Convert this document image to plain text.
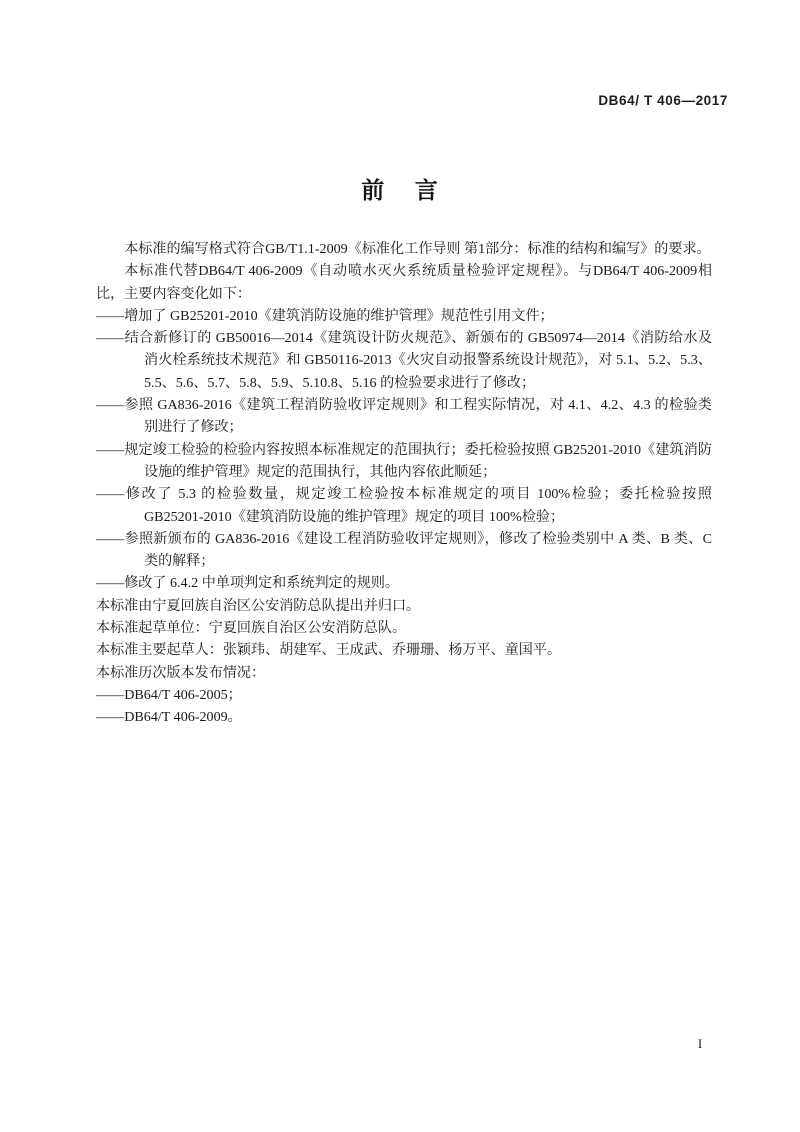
DB64/ T 406—2017
前    言

本标准的编写格式符合GB/T1.1-2009《标准化工作导则 第1部分：标准的结构和编写》的要求。

本标准代替DB64/T 406-2009《自动喷水灭火系统质量检验评定规程》。与DB64/T 406-2009相比，主要内容变化如下：

——增加了 GB25201-2010《建筑消防设施的维护管理》规范性引用文件；

——结合新修订的 GB50016—2014《建筑设计防火规范》、新颁布的 GB50974—2014《消防给水及消火栓系统技术规范》和 GB50116-2013《火灾自动报警系统设计规范》，对 5.1、5.2、5.3、5.5、5.6、5.7、5.8、5.9、5.10.8、5.16 的检验要求进行了修改；

——参照 GA836-2016《建筑工程消防验收评定规则》和工程实际情况，对 4.1、4.2、4.3 的检验类别进行了修改；

——规定竣工检验的检验内容按照本标准规定的范围执行；委托检验按照 GB25201-2010《建筑消防设施的维护管理》规定的范围执行，其他内容依此顺延；

——修改了 5.3 的检验数量，规定竣工检验按本标准规定的项目 100%检验；委托检验按照 GB25201-2010《建筑消防设施的维护管理》规定的项目 100%检验；

——参照新颁布的 GA836-2016《建设工程消防验收评定规则》，修改了检验类别中 A 类、B 类、C 类的解释；

——修改了 6.4.2 中单项判定和系统判定的规则。

本标准由宁夏回族自治区公安消防总队提出并归口。

本标准起草单位：宁夏回族自治区公安消防总队。

本标准主要起草人：张颖玮、胡建军、王成武、乔珊珊、杨万平、童国平。

本标准历次版本发布情况：

——DB64/T 406-2005；

——DB64/T 406-2009。

I
